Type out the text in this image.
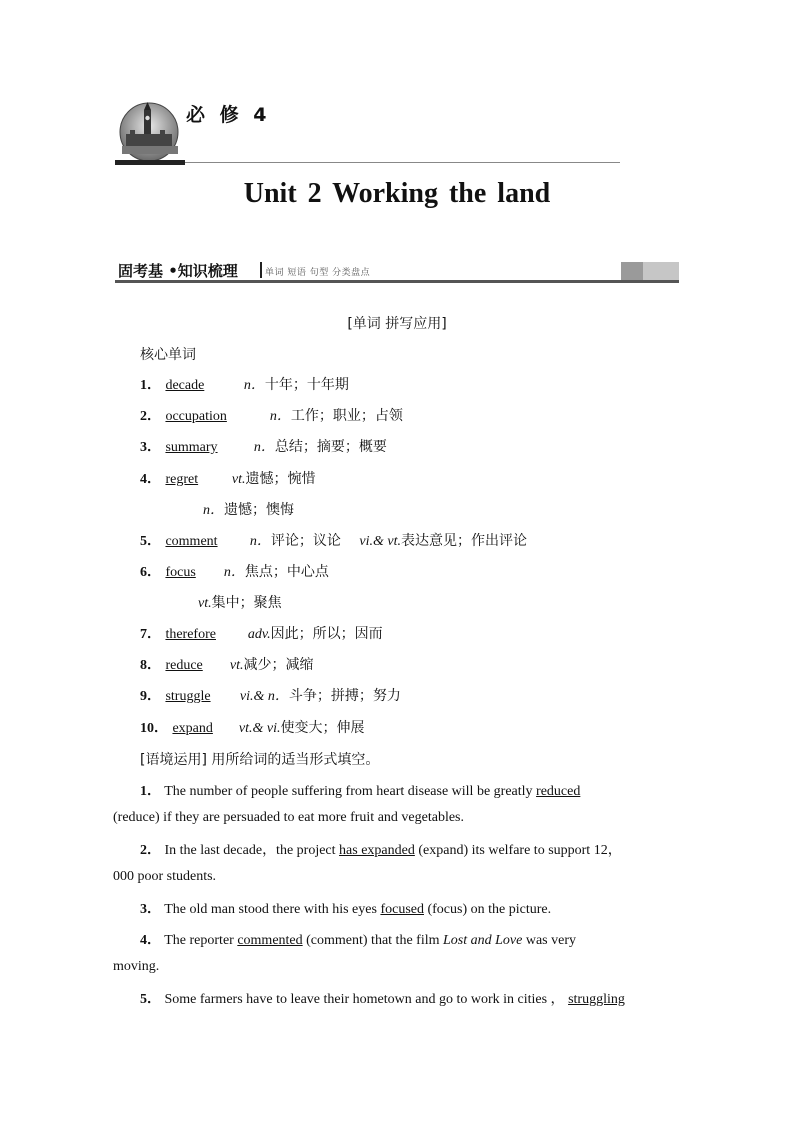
必 修 4
Unit 2 Working the land
固考基 •知识梳理	单词 短语 句型 分类盘点
[单词 拼写应用]
核心单词
1． decade	n．十年；十年期
2． occupation	n．工作；职业；占领
3． summary	n．总结；摘要；概要
4． regret vt.遗憾；惋惜
n．遗憾；懊悔
5． comment n．评论；议论 vi.& vt.表达意见；作出评论
6． focus n．焦点；中心点
vt.集中；聚焦
7． therefore adv.因此；所以；因而
8． reduce vt.减少；减缩
9． struggle vi.& n．斗争；拼搏；努力
10． expand vt.& vi.使变大；伸展
[语境运用] 用所给词的适当形式填空。
1． The number of people suffering from heart disease will be greatly reduced
(reduce) if they are persuaded to eat more fruit and vegetables.
2． In the last decade，the project has expanded (expand) its welfare to support 12，
000 poor students.
3． The old man stood there with his eyes focused (focus) on the picture.
4． The reporter commented (comment) that the film Lost and Love was very
moving.
5． Some farmers have to leave their hometown and go to work in cities ， struggling
